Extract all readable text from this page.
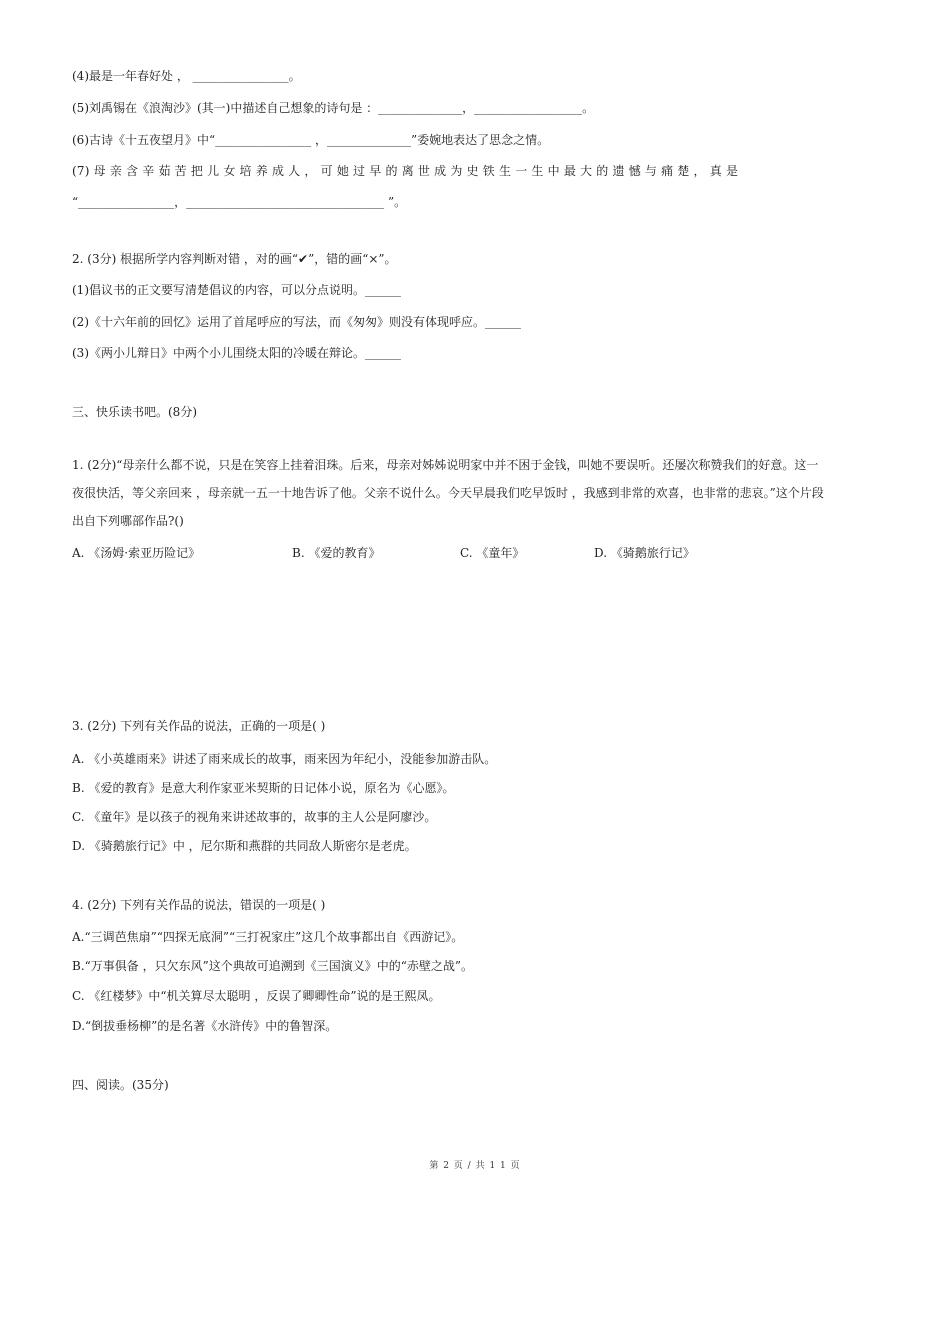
(4)最是一年春好处 ， ________________。
(5)刘禹锡在《浪淘沙》(其一)中描述自己想象的诗句是 ：______________，__________________。
(6)古诗《十五夜望月》中“________________ ，______________”委婉地表达了思念之情。
(7) 母 亲 含 辛 茹 苦 把 儿 女 培 养 成 人 ， 可 她 过 早 的 离 世 成 为 史 铁 生 一 生 中 最 大 的 遗 憾 与 痛 楚 ， 真 是
“________________，_________________________________ ”。
2. (3分) 根据所学内容判断对错 ，对的画“✔”，错的画“×”。
(1)倡议书的正文要写清楚倡议的内容，可以分点说明。______
(2)《十六年前的回忆》运用了首尾呼应的写法，而《匆匆》则没有体现呼应。______
(3)《两小儿辩日》中两个小儿围绕太阳的冷暖在辩论。______
三、快乐读书吧。(8分)
1. (2分)“母亲什么都不说，只是在笑容上挂着泪珠。后来，母亲对姊姊说明家中并不困于金钱，叫她不要误听。还屡次称赞我们的好意。这一
夜很快活，等父亲回来 ，母亲就一五一十地告诉了他。父亲不说什么。今天早晨我们吃早饭时 ，我感到非常的欢喜，也非常的悲哀。”这个片段
出自下列哪部作品?()
A. 《汤姆·索亚历险记》	B. 《爱的教育》	C. 《童年》	D. 《骑鹅旅行记》
3. (2分) 下列有关作品的说法，正确的一项是( )
A. 《小英雄雨来》讲述了雨来成长的故事，雨来因为年纪小，没能参加游击队。
B. 《爱的教育》是意大利作家亚米契斯的日记体小说，原名为《心愿》。
C. 《童年》是以孩子的视角来讲述故事的，故事的主人公是阿廖沙。
D. 《骑鹅旅行记》中 ，尼尔斯和燕群的共同敌人斯密尔是老虎。
4. (2分) 下列有关作品的说法，错误的一项是( )
A.“三调芭焦扇”“四探无底洞”“三打祝家庄”这几个故事都出自《西游记》。
B.“万事俱备 ，只欠东风”这个典故可追溯到《三国演义》中的“赤壁之战”。
C. 《红楼梦》中“机关算尽太聪明 ，反误了卿卿性命”说的是王熙凤。
D.“倒拔垂杨柳”的是名著《水浒传》中的鲁智深。
四、阅读。(35分)
第 2 页 / 共 1 1 页
